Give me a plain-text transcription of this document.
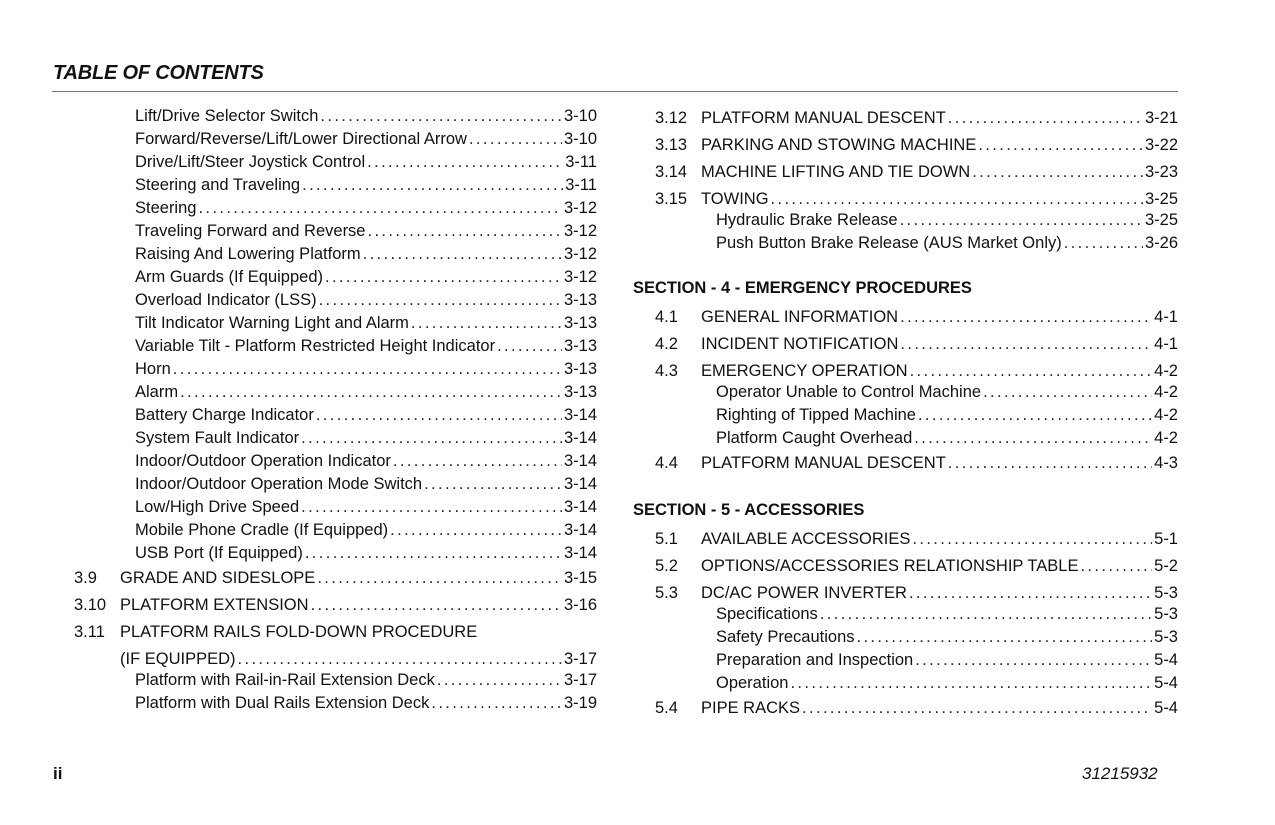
TABLE OF CONTENTS
Lift/Drive Selector Switch . . .	3-10
Forward/Reverse/Lift/Lower Directional Arrow . . .	3-10
Drive/Lift/Steer Joystick Control . . .	3-11
Steering and Traveling . . .	3-11
Steering . . .	3-12
Traveling Forward and Reverse . . .	3-12
Raising And Lowering Platform . . .	3-12
Arm Guards (If Equipped) . . .	3-12
Overload Indicator (LSS) . . .	3-13
Tilt Indicator Warning Light and Alarm . . .	3-13
Variable Tilt - Platform Restricted Height Indicator . . .	3-13
Horn . . .	3-13
Alarm . . .	3-13
Battery Charge Indicator . . .	3-14
System Fault Indicator . . .	3-14
Indoor/Outdoor Operation Indicator . . .	3-14
Indoor/Outdoor Operation Mode Switch . . .	3-14
Low/High Drive Speed . . .	3-14
Mobile Phone Cradle (If Equipped) . . .	3-14
USB Port (If Equipped) . . .	3-14
3.9	GRADE AND SIDESLOPE . . .	3-15
3.10 PLATFORM EXTENSION . . .	3-16
3.11 PLATFORM RAILS FOLD-DOWN PROCEDURE
(IF EQUIPPED) . . .	3-17
Platform with Rail-in-Rail Extension Deck . . .	3-17
Platform with Dual Rails Extension Deck . . .	3-19
3.12 PLATFORM MANUAL DESCENT . . .	3-21
3.13 PARKING AND STOWING MACHINE . . .	3-22
3.14 MACHINE LIFTING AND TIE DOWN . . .	3-23
3.15 TOWING . . .	3-25
Hydraulic Brake Release . . .	3-25
Push Button Brake Release (AUS Market Only) . . .	3-26
SECTION - 4 - EMERGENCY PROCEDURES
4.1	GENERAL INFORMATION . . .	4-1
4.2	INCIDENT NOTIFICATION . . .	4-1
4.3	EMERGENCY OPERATION . . .	4-2
Operator Unable to Control Machine . . .	4-2
Righting of Tipped Machine . . .	4-2
Platform Caught Overhead . . .	4-2
4.4	PLATFORM MANUAL DESCENT . . .	4-3
SECTION - 5 - ACCESSORIES
5.1	AVAILABLE ACCESSORIES . . .	5-1
5.2	OPTIONS/ACCESSORIES RELATIONSHIP TABLE . . .	5-2
5.3	DC/AC POWER INVERTER . . .	5-3
Specifications . . .	5-3
Safety Precautions . . .	5-3
Preparation and Inspection . . .	5-4
Operation . . .	5-4
5.4	PIPE RACKS . . .	5-4
ii	31215932
